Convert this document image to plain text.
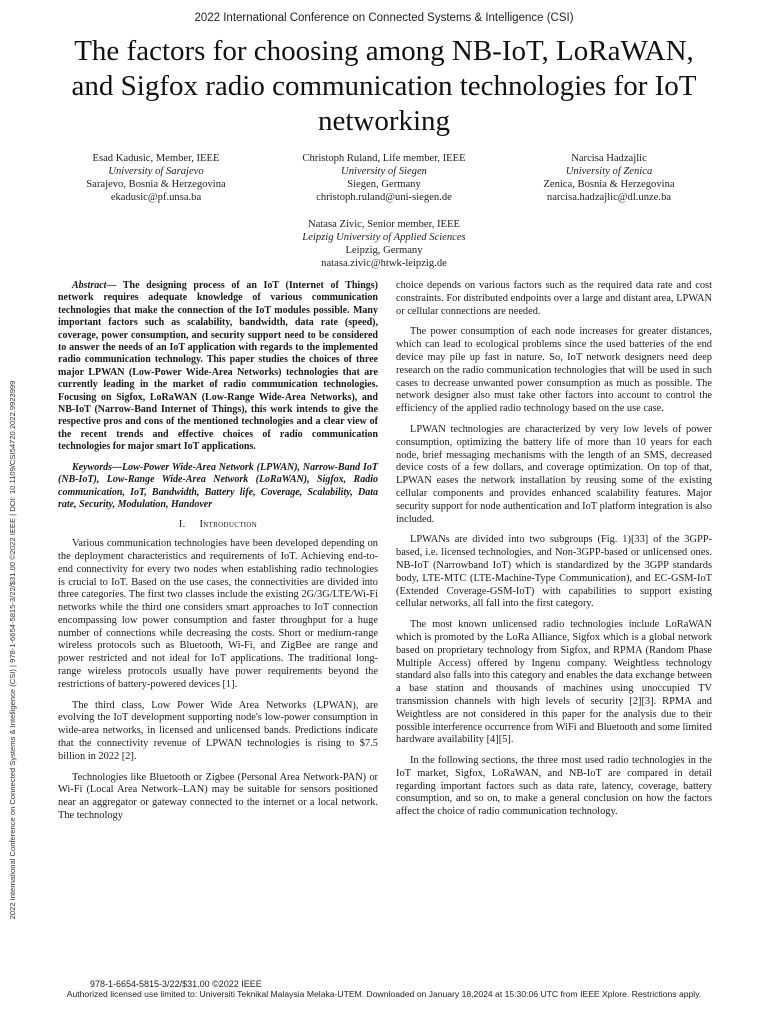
2022 International Conference on Connected Systems & Intelligence (CSI)
The factors for choosing among NB-IoT, LoRaWAN, and Sigfox radio communication technologies for IoT networking
Esad Kadusic, Member, IEEE
University of Sarajevo
Sarajevo, Bosnia & Herzegovina
ekadusic@pf.unsa.ba
Christoph Ruland, Life member, IEEE
University of Siegen
Siegen, Germany
christoph.ruland@uni-siegen.de
Narcisa Hadzajlic
University of Zenica
Zenica, Bosnia & Herzegovina
narcisa.hadzajlic@dl.unze.ba
Natasa Zivic, Senior member, IEEE
Leipzig University of Applied Sciences
Leipzig, Germany
natasa.zivic@htwk-leipzig.de
2022 International Conference on Connected Systems & Intelligence (CSI) | 978-1-6654-5815-3/22/$31.00 ©2022 IEEE | DOI: 10.1109/CSI54720.2022.9923999

Abstract— The designing process of an IoT (Internet of Things) network requires adequate knowledge of various communication technologies that make the connection of the IoT modules possible. Many important factors such as scalability, bandwidth, data rate (speed), coverage, power consumption, and security support need to be considered to answer the needs of an IoT application with regards to the implemented radio communication technology. This paper studies the choices of three major LPWAN (Low-Power Wide-Area Networks) technologies that are currently leading in the market of radio communication technologies. Focusing on Sigfox, LoRaWAN (Low-Range Wide-Area Networks), and NB-IoT (Narrow-Band Internet of Things), this work intends to give the respective pros and cons of the mentioned technologies and a clear view of the recent trends and effective choices of radio communication technologies for major smart IoT applications.

Keywords—Low-Power Wide-Area Network (LPWAN), Narrow-Band IoT (NB-IoT), Low-Range Wide-Area Network (LoRaWAN), Sigfox, Radio communication, IoT, Bandwidth, Battery life, Coverage, Scalability, Data rate, Security, Modulation, Handover

I. Introduction

Various communication technologies have been developed depending on the deployment characteristics and requirements of IoT. Achieving end-to-end connectivity for every two nodes when establishing radio technologies is crucial to IoT. Based on the use cases, the connectivities are divided into three categories. The first two classes include the existing 2G/3G/LTE/Wi-Fi networks while the third one considers smart approaches to IoT connection encompassing low power consumption and faster throughput for a huge number of connections while decreasing the costs. Short or medium-range wireless protocols such as Bluetooth, Wi-Fi, and ZigBee are range and power restricted and not ideal for IoT applications. The traditional long-range wireless protocols usually have power requirements beyond the restrictions of battery-powered devices [1].

The third class, Low Power Wide Area Networks (LPWAN), are evolving the IoT development supporting node's low-power consumption in wide-area networks, in licensed and unlicensed bands. Predictions indicate that the connectivity revenue of LPWAN technologies is rising to $7.5 billion in 2022 [2].

Technologies like Bluetooth or Zigbee (Personal Area Network-PAN) or Wi-Fi (Local Area Network–LAN) may be suitable for sensors positioned near an aggregator or gateway connected to the internet or a local network. The technology

choice depends on various factors such as the required data rate and cost constraints. For distributed endpoints over a large and distant area, LPWAN or cellular connections are needed.

The power consumption of each node increases for greater distances, which can lead to ecological problems since the used batteries of the end device may pile up fast in nature. So, IoT network designers need deep research on the radio communication technologies that will be used in such cases to decrease unwanted power consumption as much as possible. The network designer also must take other factors into account to control the efficiency of the applied radio technology based on the use case.

LPWAN technologies are characterized by very low levels of power consumption, optimizing the battery life of more than 10 years for each node, brief messaging mechanisms with the length of an SMS, decreased device costs of a few dollars, and coverage optimization. On top of that, LPWAN eases the network installation by reusing some of the existing cellular components and provides enhanced scalability features. Major security support for node authentication and IoT platform integration is also included.

LPWANs are divided into two subgroups (Fig. 1)[33] of the 3GPP-based, i.e. licensed technologies, and Non-3GPP-based or unlicensed ones. NB-IoT (Narrowband IoT) which is standardized by the 3GPP standards body, LTE-MTC (LTE-Machine-Type Communication), and EC-GSM-IoT (Extended Coverage-GSM-IoT) with capabilities to support existing cellular networks, all fall into the first category.

The most known unlicensed radio technologies include LoRaWAN which is promoted by the LoRa Alliance, Sigfox which is a global network based on proprietary technology from Sigfox, and RPMA (Random Phase Multiple Access) offered by Ingenu company. Weightless technology standard also falls into this category and enables the data exchange between a base station and thousands of machines using unoccupied TV transmission channels with high levels of security [2][3]. RPMA and Weightless are not considered in this paper for the analysis due to their possible interference occurrence from WiFi and Bluetooth and some limited hardware availability [4][5].

In the following sections, the three most used radio technologies in the IoT market, Sigfox, LoRaWAN, and NB-IoT are compared in detail regarding important factors such as data rate, latency, coverage, battery consumption, and so on, to make a general conclusion on how the factors affect the choice of radio communication technology.

978-1-6654-5815-3/22/$31.00 ©2022 IEEE
Authorized licensed use limited to: Universiti Teknikal Malaysia Melaka-UTEM. Downloaded on January 18,2024 at 15:30:06 UTC from IEEE Xplore. Restrictions apply.
